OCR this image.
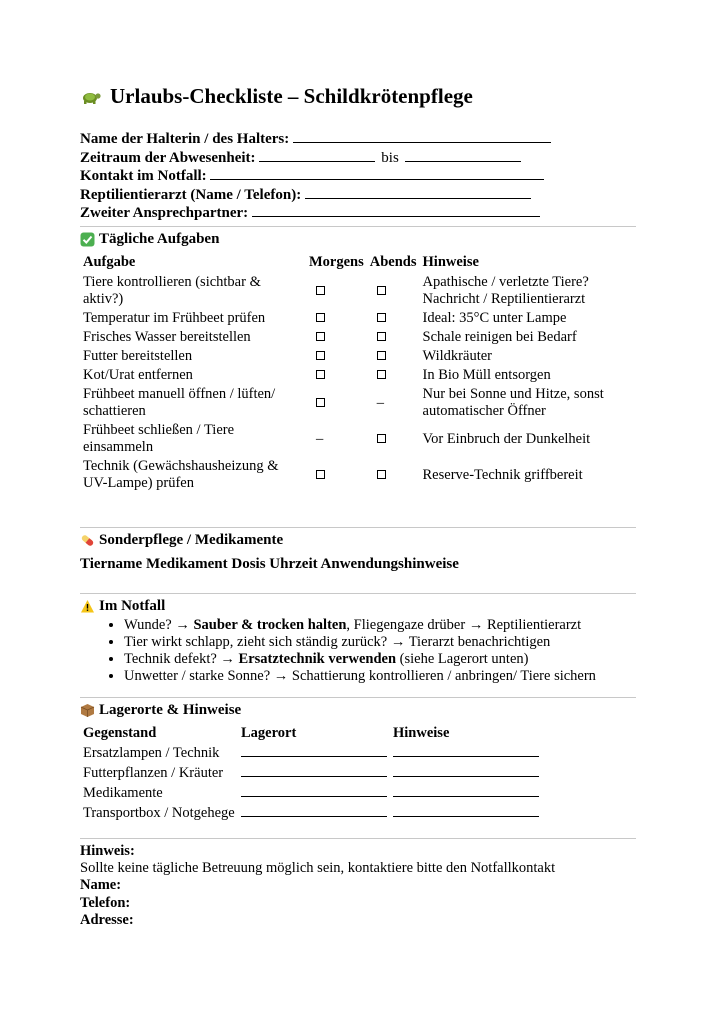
Urlaubs-Checkliste – Schildkrötenpflege
Name der Halterin / des Halters:
Zeitraum der Abwesenheit:	bis
Kontakt im Notfall:
Reptilientierarzt (Name / Telefon):
Zweiter Ansprechpartner:
Tägliche Aufgaben
Aufgabe	Morgens	Abends	Hinweise
Tiere kontrollieren (sichtbar & aktiv?)			Apathische / verletzte Tiere? Nachricht / Reptilientierarzt
Temperatur im Frühbeet prüfen			Ideal: 35°C unter Lampe
Frisches Wasser bereitstellen			Schale reinigen bei Bedarf
Futter bereitstellen			Wildkräuter
Kot/Urat entfernen			In Bio Müll entsorgen
Frühbeet manuell öffnen / lüften/ schattieren		–	Nur bei Sonne und Hitze, sonst automatischer Öffner
Frühbeet schließen / Tiere einsammeln	–		Vor Einbruch der Dunkelheit
Technik (Gewächshausheizung & UV-Lampe) prüfen			Reserve-Technik griffbereit
Sonderpflege / Medikamente
Tiername Medikament Dosis Uhrzeit Anwendungshinweise
Im Notfall
• Wunde? → Sauber & trocken halten, Fliegengaze drüber → Reptilientierarzt
• Tier wirkt schlapp, zieht sich ständig zurück? → Tierarzt benachrichtigen
• Technik defekt? → Ersatztechnik verwenden (siehe Lagerort unten)
• Unwetter / starke Sonne? → Schattierung kontrollieren / anbringen/ Tiere sichern
Lagerorte & Hinweise
Gegenstand	Lagerort	Hinweise
Ersatzlampen / Technik		
Futterpflanzen / Kräuter		
Medikamente		
Transportbox / Notgehege		
Hinweis:
Sollte keine tägliche Betreuung möglich sein, kontaktiere bitte den Notfallkontakt
Name:
Telefon:
Adresse:
